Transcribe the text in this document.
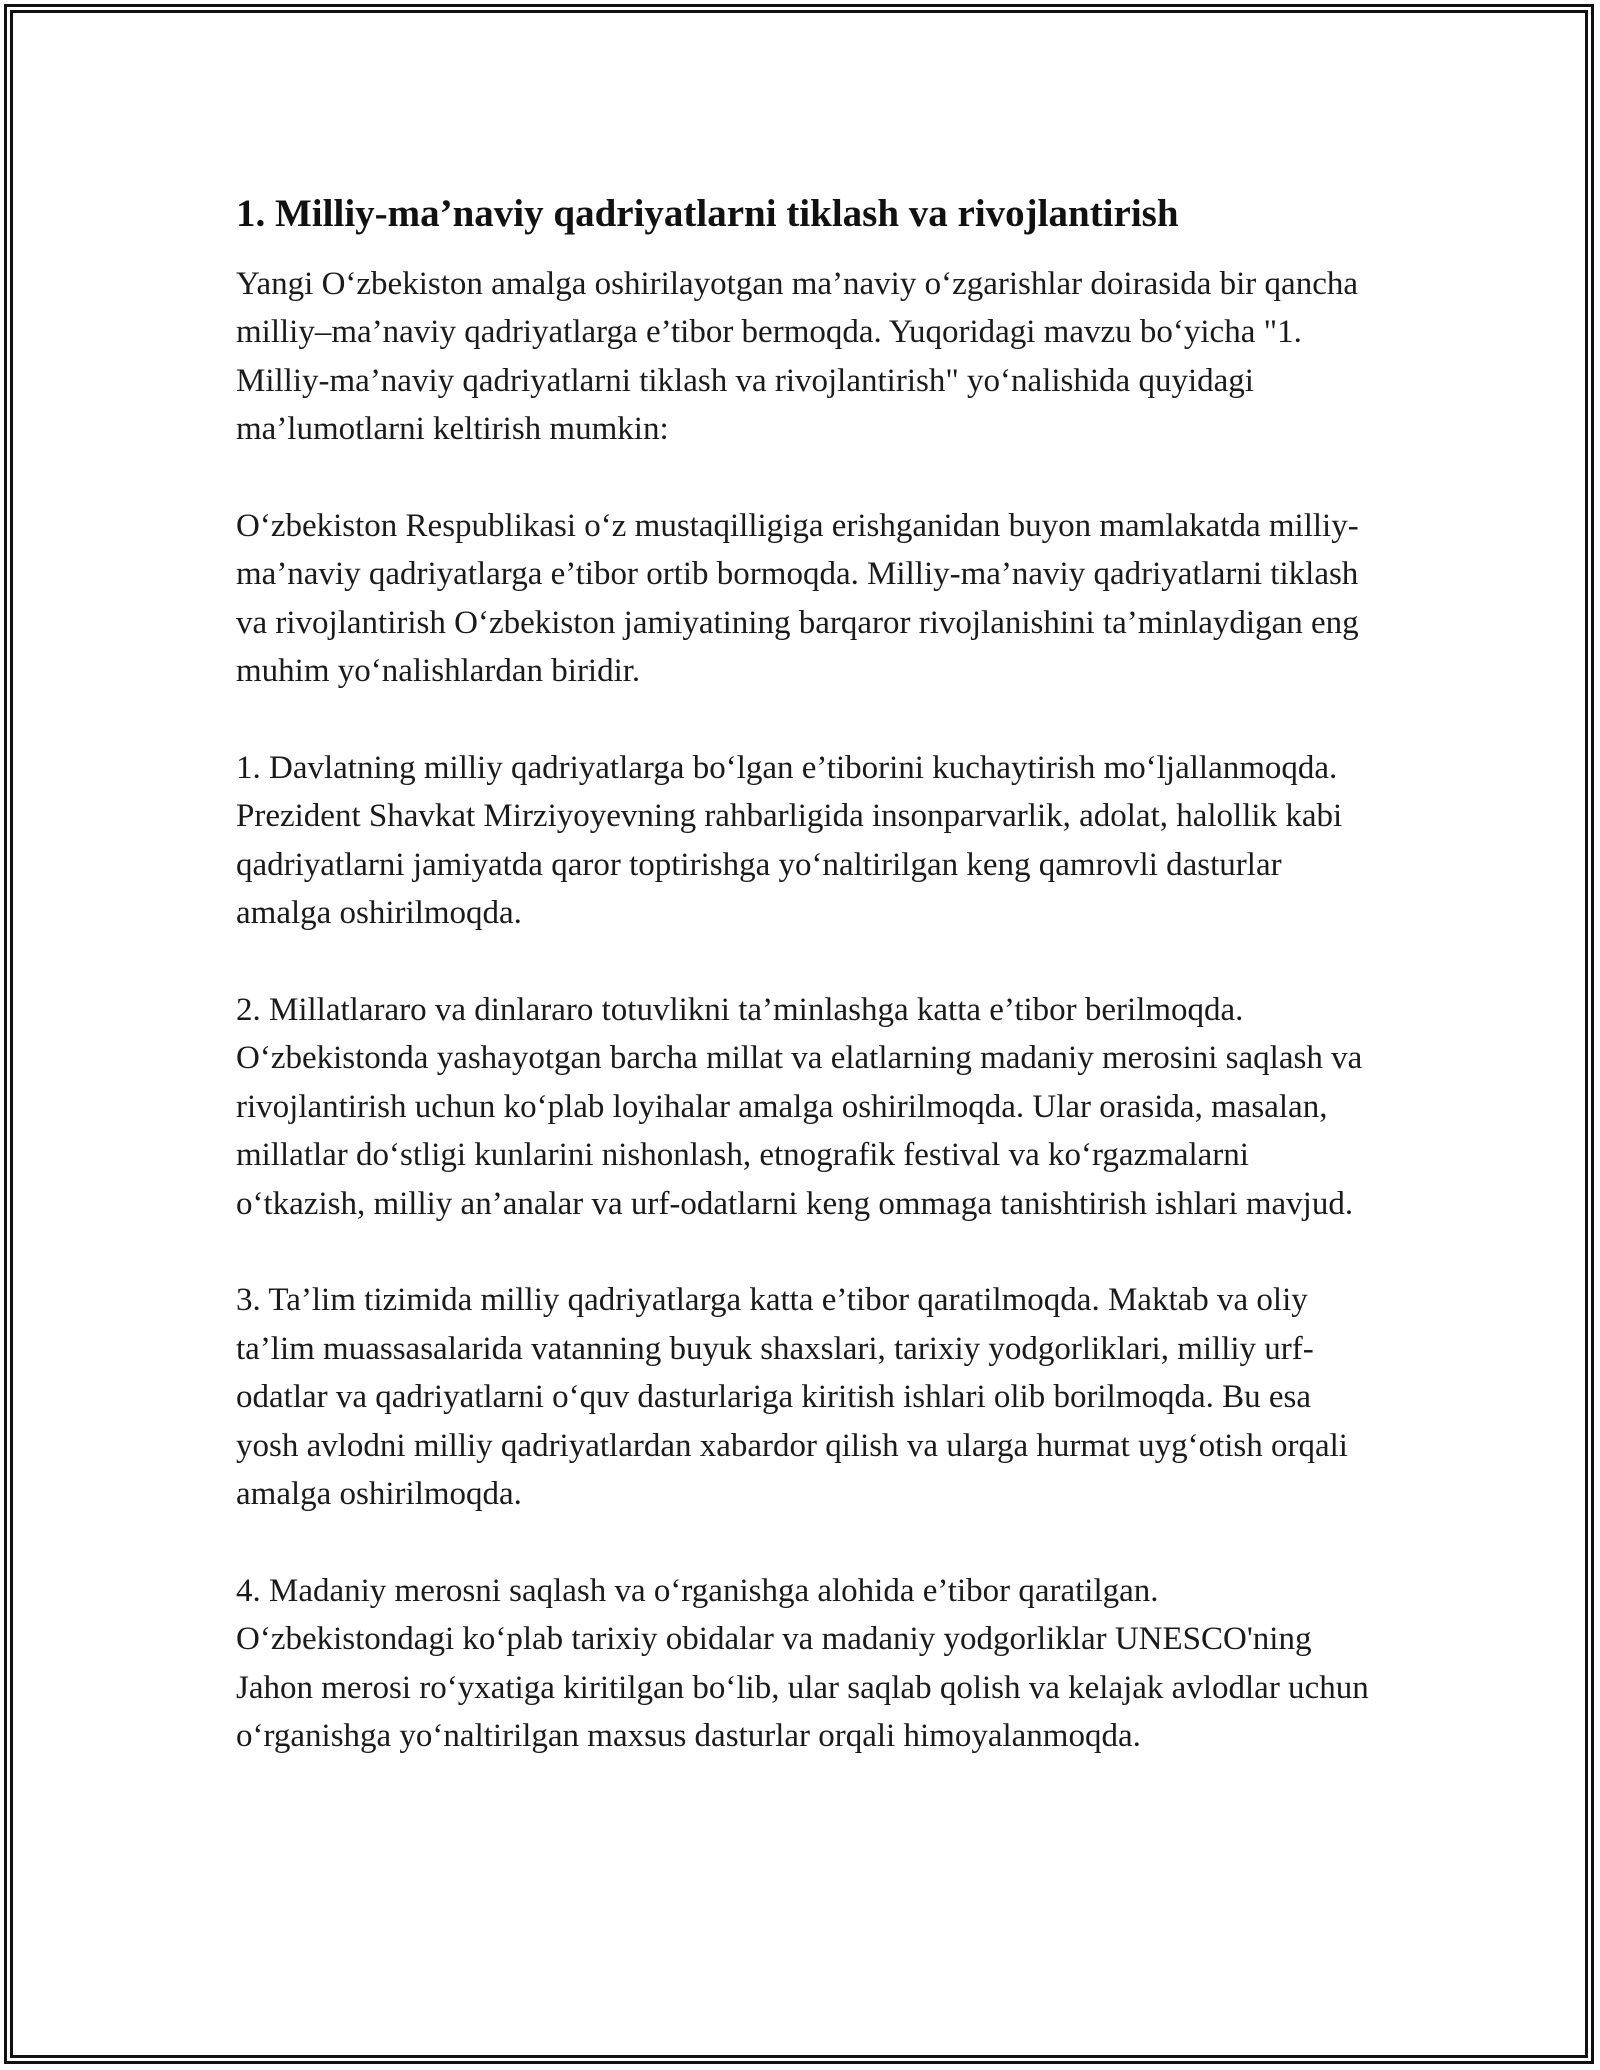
1. Milliy-ma’naviy qadriyatlarni tiklash va rivojlantirish

Yangi O‘zbekiston amalga oshirilayotgan ma’naviy o‘zgarishlar doirasida bir qancha milliy–ma’naviy qadriyatlarga e’tibor bermoqda. Yuqoridagi mavzu bo‘yicha "1. Milliy-ma’naviy qadriyatlarni tiklash va rivojlantirish" yo‘nalishida quyidagi ma’lumotlarni keltirish mumkin:

O‘zbekiston Respublikasi o‘z mustaqilligiga erishganidan buyon mamlakatda milliy-ma’naviy qadriyatlarga e’tibor ortib bormoqda. Milliy-ma’naviy qadriyatlarni tiklash va rivojlantirish O‘zbekiston jamiyatining barqaror rivojlanishini ta’minlaydigan eng muhim yo‘nalishlardan biridir.

1. Davlatning milliy qadriyatlarga bo‘lgan e’tiborini kuchaytirish mo‘ljallanmoqda. Prezident Shavkat Mirziyoyevning rahbarligida insonparvarlik, adolat, halollik kabi qadriyatlarni jamiyatda qaror toptirishga yo‘naltirilgan keng qamrovli dasturlar amalga oshirilmoqda.

2. Millatlararo va dinlararo totuvlikni ta’minlashga katta e’tibor berilmoqda. O‘zbekistonda yashayotgan barcha millat va elatlarning madaniy merosini saqlash va rivojlantirish uchun ko‘plab loyihalar amalga oshirilmoqda. Ular orasida, masalan, millatlar do‘stligi kunlarini nishonlash, etnografik festival va ko‘rgazmalarni o‘tkazish, milliy an’analar va urf-odatlarni keng ommaga tanishtirish ishlari mavjud.

3. Ta’lim tizimida milliy qadriyatlarga katta e’tibor qaratilmoqda. Maktab va oliy ta’lim muassasalarida vatanning buyuk shaxslari, tarixiy yodgorliklari, milliy urf-odatlar va qadriyatlarni o‘quv dasturlariga kiritish ishlari olib borilmoqda. Bu esa yosh avlodni milliy qadriyatlardan xabardor qilish va ularga hurmat uyg‘otish orqali amalga oshirilmoqda.

4. Madaniy merosni saqlash va o‘rganishga alohida e’tibor qaratilgan. O‘zbekistondagi ko‘plab tarixiy obidalar va madaniy yodgorliklar UNESCO'ning Jahon merosi ro‘yxatiga kiritilgan bo‘lib, ular saqlab qolish va kelajak avlodlar uchun o‘rganishga yo‘naltirilgan maxsus dasturlar orqali himoyalanmoqda.
